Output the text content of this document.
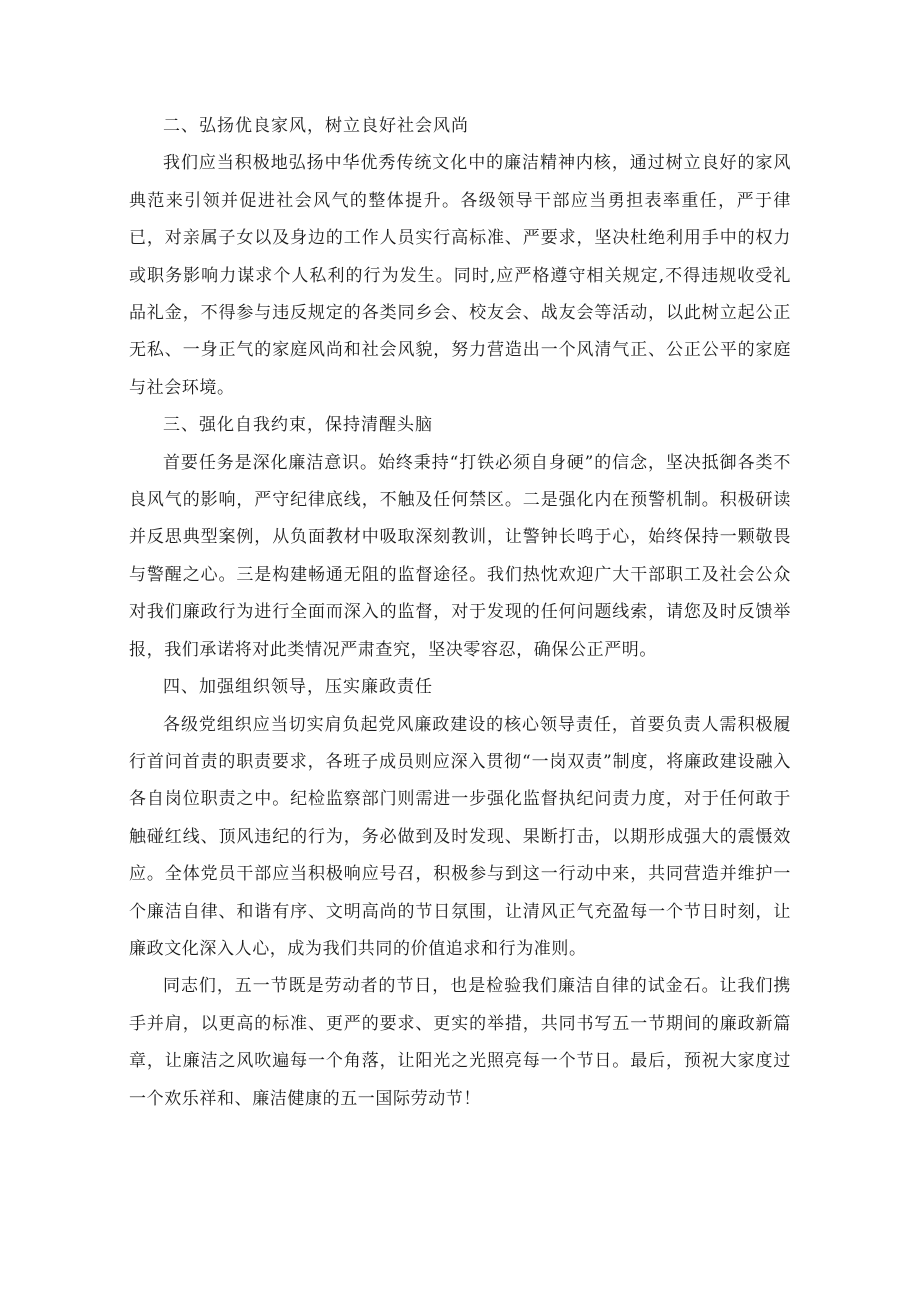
二、弘扬优良家风，树立良好社会风尚

我们应当积极地弘扬中华优秀传统文化中的廉洁精神内核，通过树立良好的家风典范来引领并促进社会风气的整体提升。各级领导干部应当勇担表率重任，严于律已，对亲属子女以及身边的工作人员实行高标准、严要求，坚决杜绝利用手中的权力或职务影响力谋求个人私利的行为发生。同时,应严格遵守相关规定,不得违规收受礼品礼金，不得参与违反规定的各类同乡会、校友会、战友会等活动，以此树立起公正无私、一身正气的家庭风尚和社会风貌，努力营造出一个风清气正、公正公平的家庭与社会环境。

三、强化自我约束，保持清醒头脑

首要任务是深化廉洁意识。始终秉持“打铁必须自身硬”的信念，坚决抵御各类不良风气的影响，严守纪律底线，不触及任何禁区。二是强化内在预警机制。积极研读并反思典型案例，从负面教材中吸取深刻教训，让警钟长鸣于心，始终保持一颗敬畏与警醒之心。三是构建畅通无阻的监督途径。我们热忱欢迎广大干部职工及社会公众对我们廉政行为进行全面而深入的监督，对于发现的任何问题线索，请您及时反馈举报，我们承诺将对此类情况严肃查究，坚决零容忍，确保公正严明。

四、加强组织领导，压实廉政责任

各级党组织应当切实肩负起党风廉政建设的核心领导责任，首要负责人需积极履行首问首责的职责要求，各班子成员则应深入贯彻“一岗双责”制度，将廉政建设融入各自岗位职责之中。纪检监察部门则需进一步强化监督执纪问责力度，对于任何敢于触碰红线、顶风违纪的行为，务必做到及时发现、果断打击，以期形成强大的震慑效应。全体党员干部应当积极响应号召，积极参与到这一行动中来，共同营造并维护一个廉洁自律、和谐有序、文明高尚的节日氛围，让清风正气充盈每一个节日时刻，让廉政文化深入人心，成为我们共同的价值追求和行为准则。

同志们，五一节既是劳动者的节日，也是检验我们廉洁自律的试金石。让我们携手并肩，以更高的标准、更严的要求、更实的举措，共同书写五一节期间的廉政新篇章，让廉洁之风吹遍每一个角落，让阳光之光照亮每一个节日。最后，预祝大家度过一个欢乐祥和、廉洁健康的五一国际劳动节！
